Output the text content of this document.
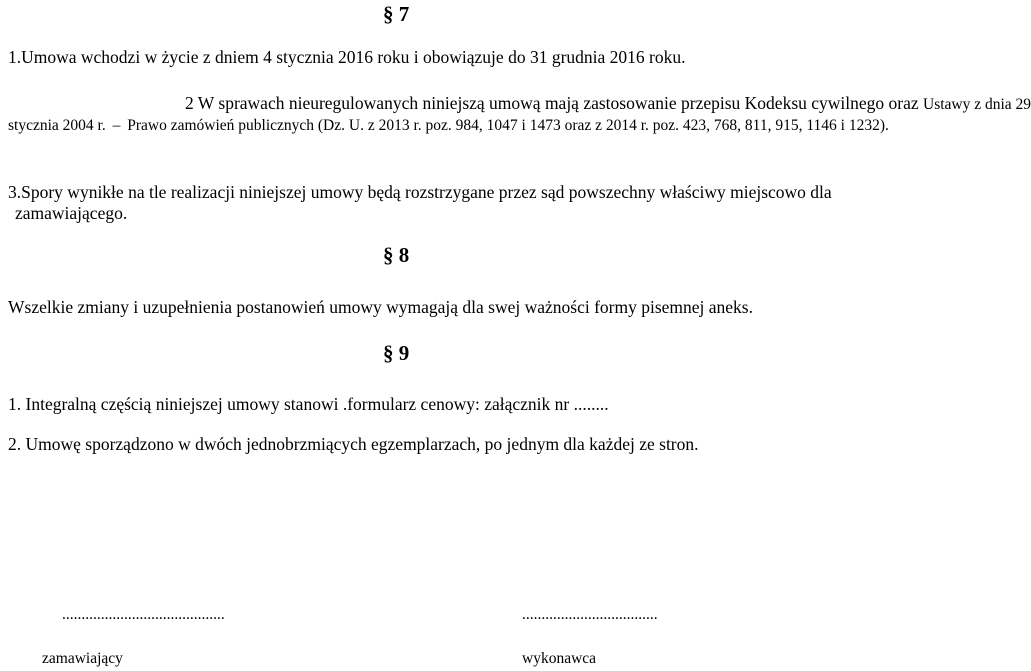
§ 7
1.Umowa wchodzi w życie z dniem 4 stycznia 2016 roku i obowiązuje do 31 grudnia 2016 roku.
2 W sprawach nieuregulowanych niniejszą umową mają zastosowanie przepisu Kodeksu cywilnego oraz Ustawy z dnia 29
stycznia 2004 r. – Prawo zamówień publicznych (Dz. U. z 2013 r. poz. 984, 1047 i 1473 oraz z 2014 r. poz. 423, 768, 811, 915, 1146 i 1232).
3.Spory wynikłe na tle realizacji niniejszej umowy będą rozstrzygane przez sąd powszechny właściwy miejscowo dla
zamawiającego.
§ 8
Wszelkie zmiany i uzupełnienia postanowień umowy wymagają dla swej ważności formy pisemnej aneks.
§ 9
1. Integralną częścią niniejszej umowy stanowi .formularz cenowy: załącznik nr ........
2. Umowę sporządzono w dwóch jednobrzmiących egzemplarzach, po jednym dla każdej ze stron.
..........................................	...................................
zamawiający	wykonawca
